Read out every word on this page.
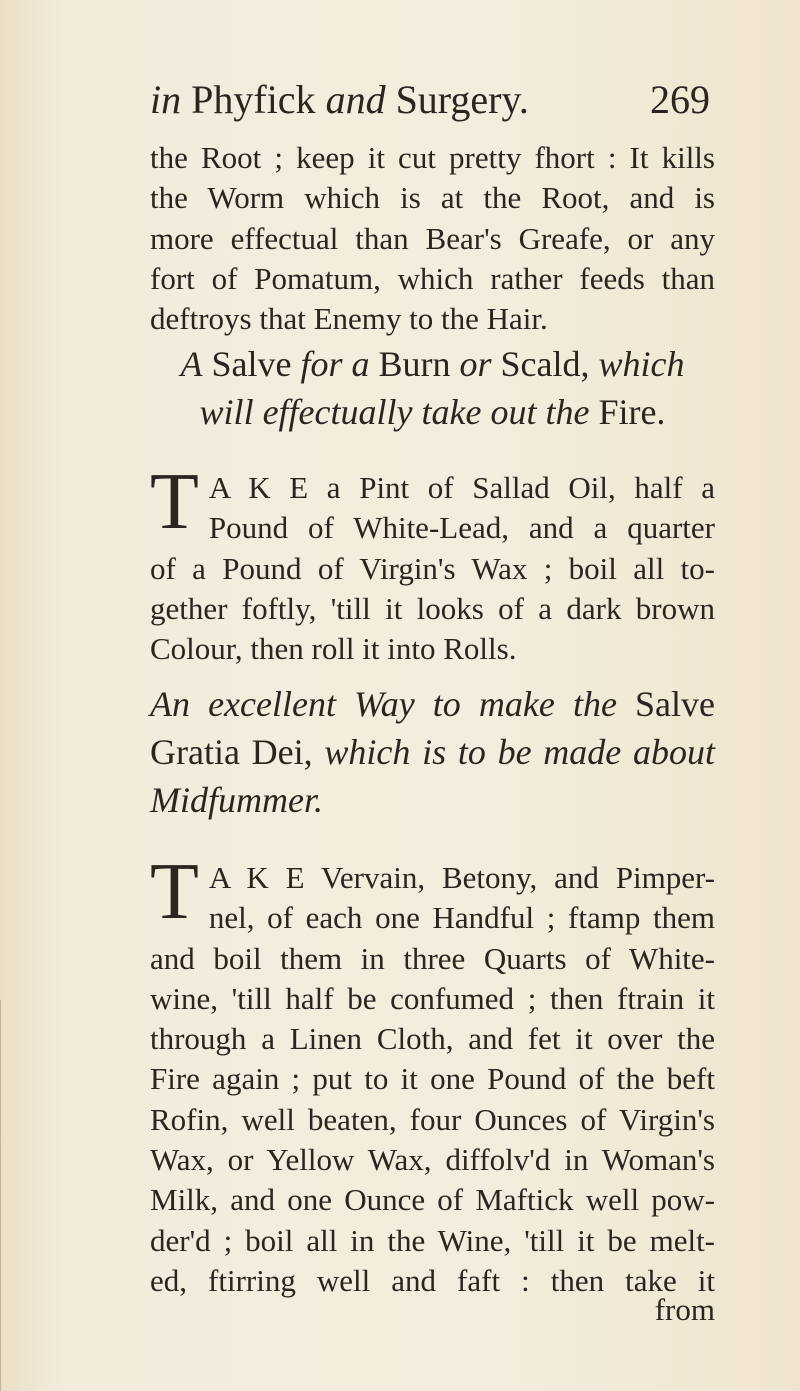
in Phyfick and Surgery.	269
the Root ; keep it cut pretty fhort : It kills
the Worm which is at the Root, and is
more effectual than Bear's Greafe, or any
fort of Pomatum, which rather feeds than
deftroys that Enemy to the Hair.
A Salve for a Burn or Scald, which
will effectually take out the Fire.
T A K E a Pint of Sallad Oil, half a
Pound of White-Lead, and a quarter
of a Pound of Virgin's Wax ; boil all to-
gether foftly, 'till it looks of a dark brown
Colour, then roll it into Rolls.
An excellent Way to make the Salve
Gratia Dei, which is to be made about
Midfummer.
T A K E Vervain, Betony, and Pimper-
nel, of each one Handful ; ftamp them
and boil them in three Quarts of White-
wine, 'till half be confumed ; then ftrain it
through a Linen Cloth, and fet it over the
Fire again ; put to it one Pound of the beft
Rofin, well beaten, four Ounces of Virgin's
Wax, or Yellow Wax, diffolv'd in Woman's
Milk, and one Ounce of Maftick well pow-
der'd ; boil all in the Wine, 'till it be melt-
ed, ftirring well and faft : then take it
from
